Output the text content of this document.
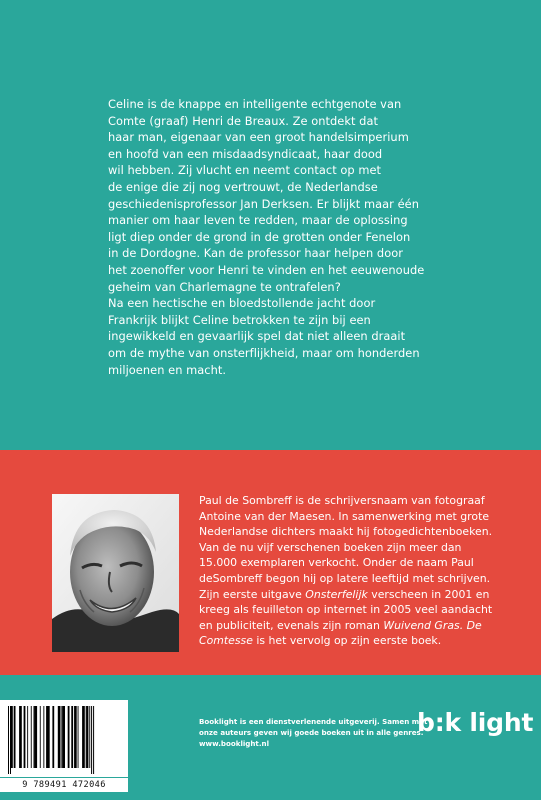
Celine is de knappe en intelligente echtgenote van

Comte (graaf) Henri de Breaux. Ze ontdekt dat

haar man, eigenaar van een groot handelsimperium

en hoofd van een misdaadsyndicaat, haar dood

wil hebben. Zij vlucht en neemt contact op met

de enige die zij nog vertrouwt, de Nederlandse

geschiedenisprofessor Jan Derksen. Er blijkt maar één

manier om haar leven te redden, maar de oplossing

ligt diep onder de grond in de grotten onder Fenelon

in de Dordogne. Kan de professor haar helpen door

het zoenoffer voor Henri te vinden en het eeuwenoude

geheim van Charlemagne te ontrafelen?

Na een hectische en bloedstollende jacht door

Frankrijk blijkt Celine betrokken te zijn bij een

ingewikkeld en gevaarlijk spel dat niet alleen draait

om de mythe van onsterflijkheid, maar om honderden

miljoenen en macht.

Paul de Sombreff is de schrijversnaam van fotograaf

Antoine van der Maesen. In samenwerking met grote

Nederlandse dichters maakt hij fotogedichtenboeken.

Van de nu vijf verschenen boeken zijn meer dan

15.000 exemplaren verkocht. Onder de naam Paul

deSombreff begon hij op latere leeftijd met schrijven.

Zijn eerste uitgave Onsterfelijk verscheen in 2001 en

kreeg als feuilleton op internet in 2005 veel aandacht

en publiciteit, evenals zijn roman Wuivend Gras. De

Comtesse is het vervolg op zijn eerste boek.

9 789491 472046

Booklight is een dienstverlenende uitgeverij. Samen met

onze auteurs geven wij goede boeken uit in alle genres.

www.booklight.nl

b:k light
